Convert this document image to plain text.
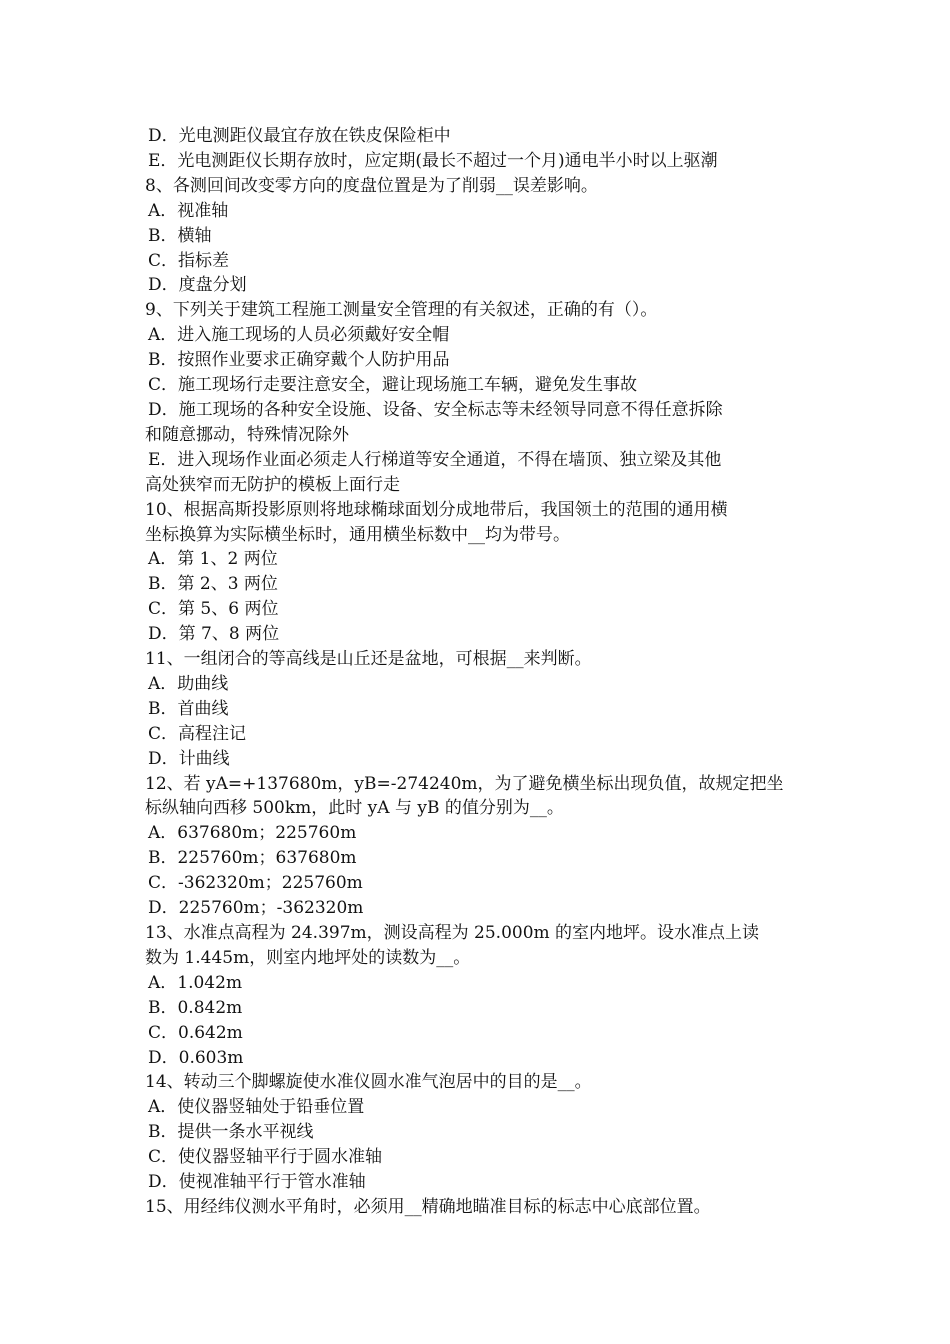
D．光电测距仪最宜存放在铁皮保险柜中
E．光电测距仪长期存放时，应定期(最长不超过一个月)通电半小时以上驱潮
8、各测回间改变零方向的度盘位置是为了削弱__误差影响。
A．视准轴
B．横轴
C．指标差
D．度盘分划
9、下列关于建筑工程施工测量安全管理的有关叙述，正确的有（）。
A．进入施工现场的人员必须戴好安全帽
B．按照作业要求正确穿戴个人防护用品
C．施工现场行走要注意安全，避让现场施工车辆，避免发生事故
D．施工现场的各种安全设施、设备、安全标志等未经领导同意不得任意拆除
和随意挪动，特殊情况除外
E．进入现场作业面必须走人行梯道等安全通道，不得在墙顶、独立梁及其他
高处狭窄而无防护的模板上面行走
10、根据高斯投影原则将地球椭球面划分成地带后，我国领土的范围的通用横
坐标换算为实际横坐标时，通用横坐标数中__均为带号。
A．第 1、2 两位
B．第 2、3 两位
C．第 5、6 两位
D．第 7、8 两位
11、一组闭合的等高线是山丘还是盆地，可根据__来判断。
A．助曲线
B．首曲线
C．高程注记
D．计曲线
12、若 yA=+137680m，yB=-274240m，为了避免横坐标出现负值，故规定把坐
标纵轴向西移 500km，此时 yA 与 yB 的值分别为__。
A．637680m；225760m
B．225760m；637680m
C．-362320m；225760m
D．225760m；-362320m
13、水准点高程为 24.397m，测设高程为 25.000m 的室内地坪。设水准点上读
数为 1.445m，则室内地坪处的读数为__。
A．1.042m
B．0.842m
C．0.642m
D．0.603m
14、转动三个脚螺旋使水准仪圆水准气泡居中的目的是__。
A．使仪器竖轴处于铅垂位置
B．提供一条水平视线
C．使仪器竖轴平行于圆水准轴
D．使视准轴平行于管水准轴
15、用经纬仪测水平角时，必须用__精确地瞄准目标的标志中心底部位置。
